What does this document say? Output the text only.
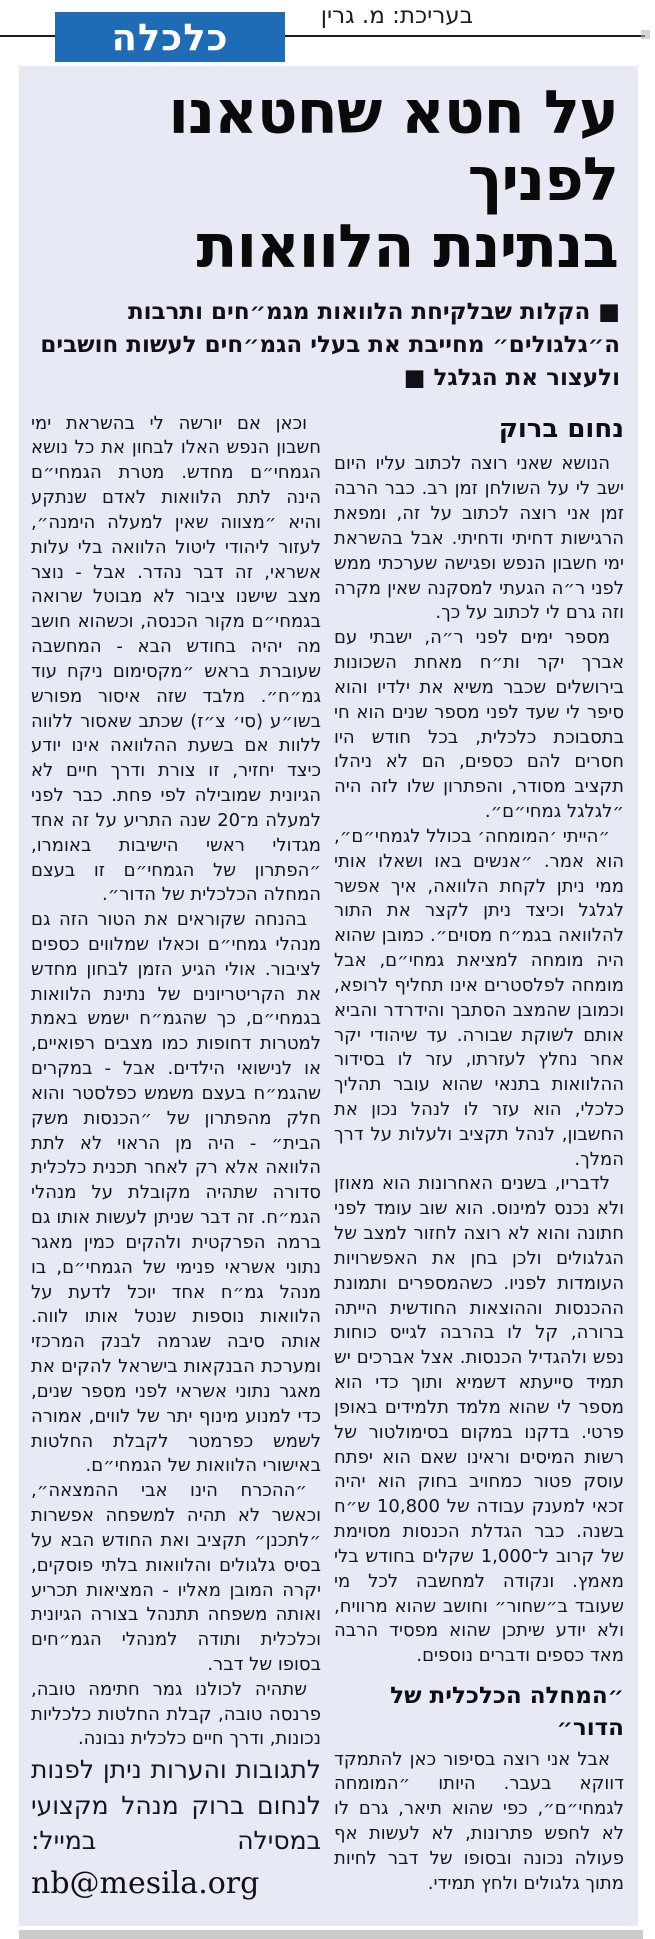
בעריכת: מ. גרין
כלכלה
על חטא שחטאנו לפניך
בנתינת הלוואות

■ הקלות שבלקיחת הלוואות מגמ״חים ותרבות ה״גלגולים״ מחייבת את בעלי הגמ״חים לעשות חושבים ולעצור את הגלגל ■

נחום ברוק

הנושא שאני רוצה לכתוב עליו היום ישב לי על השולחן זמן רב. כבר הרבה זמן אני רוצה לכתוב על זה, ומפאת הרגישות דחיתי ודחיתי. אבל בהשראת ימי חשבון הנפש ופגישה שערכתי ממש לפני ר״ה הגעתי למסקנה שאין מקרה וזה גרם לי לכתוב על כך.

מספר ימים לפני ר״ה, ישבתי עם אברך יקר ות״ח מאחת השכונות בירושלים שכבר משיא את ילדיו והוא סיפר לי שעד לפני מספר שנים הוא חי בתסבוכת כלכלית, בכל חודש היו חסרים להם כספים, הם לא ניהלו תקציב מסודר, והפתרון שלו לזה היה ״לגלגל גמחי״ם״.

״הייתי ׳המומחה׳ בכולל לגמחי״ם״, הוא אמר. ״אנשים באו ושאלו אותי ממי ניתן לקחת הלוואה, איך אפשר לגלגל וכיצד ניתן לקצר את התור להלוואה בגמ״ח מסוים״. כמובן שהוא היה מומחה למציאת גמחי״ם, אבל מומחה לפלסטרים אינו תחליף לרופא, וכמובן שהמצב הסתבך והידרדר והביא אותם לשוקת שבורה. עד שיהודי יקר אחר נחלץ לעזרתו, עזר לו בסידור ההלוואות בתנאי שהוא עובר תהליך כלכלי, הוא עזר לו לנהל נכון את החשבון, לנהל תקציב ולעלות על דרך המלך.

לדבריו, בשנים האחרונות הוא מאוזן ולא נכנס למינוס. הוא שוב עומד לפני חתונה והוא לא רוצה לחזור למצב של הגלגולים ולכן בחן את האפשרויות העומדות לפניו. כשהמספרים ותמונת ההכנסות וההוצאות החודשית הייתה ברורה, קל לו בהרבה לגייס כוחות נפש ולהגדיל הכנסות. אצל אברכים יש תמיד סייעתא דשמיא ותוך כדי הוא מספר לי שהוא מלמד תלמידים באופן פרטי. בדקנו במקום בסימולטור של רשות המיסים וראינו שאם הוא יפתח עוסק פטור כמחויב בחוק הוא יהיה זכאי למענק עבודה של 10,800 ש״ח בשנה. כבר הגדלת הכנסות מסוימת של קרוב ל־1,000 שקלים בחודש בלי מאמץ. ונקודה למחשבה לכל מי שעובד ב״שחור״ וחושב שהוא מרוויח, ולא יודע שיתכן שהוא מפסיד הרבה מאד כספים ודברים נוספים.

״המחלה הכלכלית של הדור״

אבל אני רוצה בסיפור כאן להתמקד דווקא בעבר. היותו ״המומחה לגמחי״ם״, כפי שהוא תיאר, גרם לו לא לחפש פתרונות, לא לעשות אף פעולה נכונה ובסופו של דבר לחיות מתוך גלגולים ולחץ תמידי.

וכאן אם יורשה לי בהשראת ימי חשבון הנפש האלו לבחון את כל נושא הגמחי״ם מחדש. מטרת הגמחי״ם הינה לתת הלוואות לאדם שנתקע והיא ״מצווה שאין למעלה הימנה״, לעזור ליהודי ליטול הלוואה בלי עלות אשראי, זה דבר נהדר. אבל - נוצר מצב שישנו ציבור לא מבוטל שרואה בגמחי״ם מקור הכנסה, וכשהוא חושב מה יהיה בחודש הבא - המחשבה שעוברת בראש ״מקסימום ניקח עוד גמ״ח״. מלבד שזה איסור מפורש בשו״ע (סי׳ צ״ז) שכתב שאסור ללווה ללוות אם בשעת ההלוואה אינו יודע כיצד יחזיר, זו צורת ודרך חיים לא הגיונית שמובילה לפי פחת. כבר לפני למעלה מ־20 שנה התריע על זה אחד מגדולי ראשי הישיבות באומרו, ״הפתרון של הגמחי״ם זו בעצם המחלה הכלכלית של הדור״.

בהנחה שקוראים את הטור הזה גם מנהלי גמחי״ם וכאלו שמלווים כספים לציבור. אולי הגיע הזמן לבחון מחדש את הקריטריונים של נתינת הלוואות בגמחי״ם, כך שהגמ״ח ישמש באמת למטרות דחופות כמו מצבים רפואיים, או לנישואי הילדים. אבל - במקרים שהגמ״ח בעצם משמש כפלסטר והוא חלק מהפתרון של ״הכנסות משק הבית״ - היה מן הראוי לא לתת הלוואה אלא רק לאחר תכנית כלכלית סדורה שתהיה מקובלת על מנהלי הגמ״ח. זה דבר שניתן לעשות אותו גם ברמה הפרקטית ולהקים כמין מאגר נתוני אשראי פנימי של הגמחי״ם, בו מנהל גמ״ח אחד יוכל לדעת על הלוואות נוספות שנטל אותו לווה. אותה סיבה שגרמה לבנק המרכזי ומערכת הבנקאות בישראל להקים את מאגר נתוני אשראי לפני מספר שנים, כדי למנוע מינוף יתר של לווים, אמורה לשמש כפרמטר לקבלת החלטות באישורי הלוואות של הגמחי״ם.

״ההכרח הינו אבי ההמצאה״, וכאשר לא תהיה למשפחה אפשרות ״לתכנן״ תקציב ואת החודש הבא על בסיס גלגולים והלוואות בלתי פוסקים, יקרה המובן מאליו - המציאות תכריע ואותה משפחה תתנהל בצורה הגיונית וכלכלית ותודה למנהלי הגמ״חים בסופו של דבר.

שתהיה לכולנו גמר חתימה טובה, פרנסה טובה, קבלת החלטות כלכליות נכונות, ודרך חיים כלכלית נבונה.

לתגובות והערות ניתן לפנות לנחום ברוק מנהל מקצועי במסילה במייל:

nb@mesila.org
